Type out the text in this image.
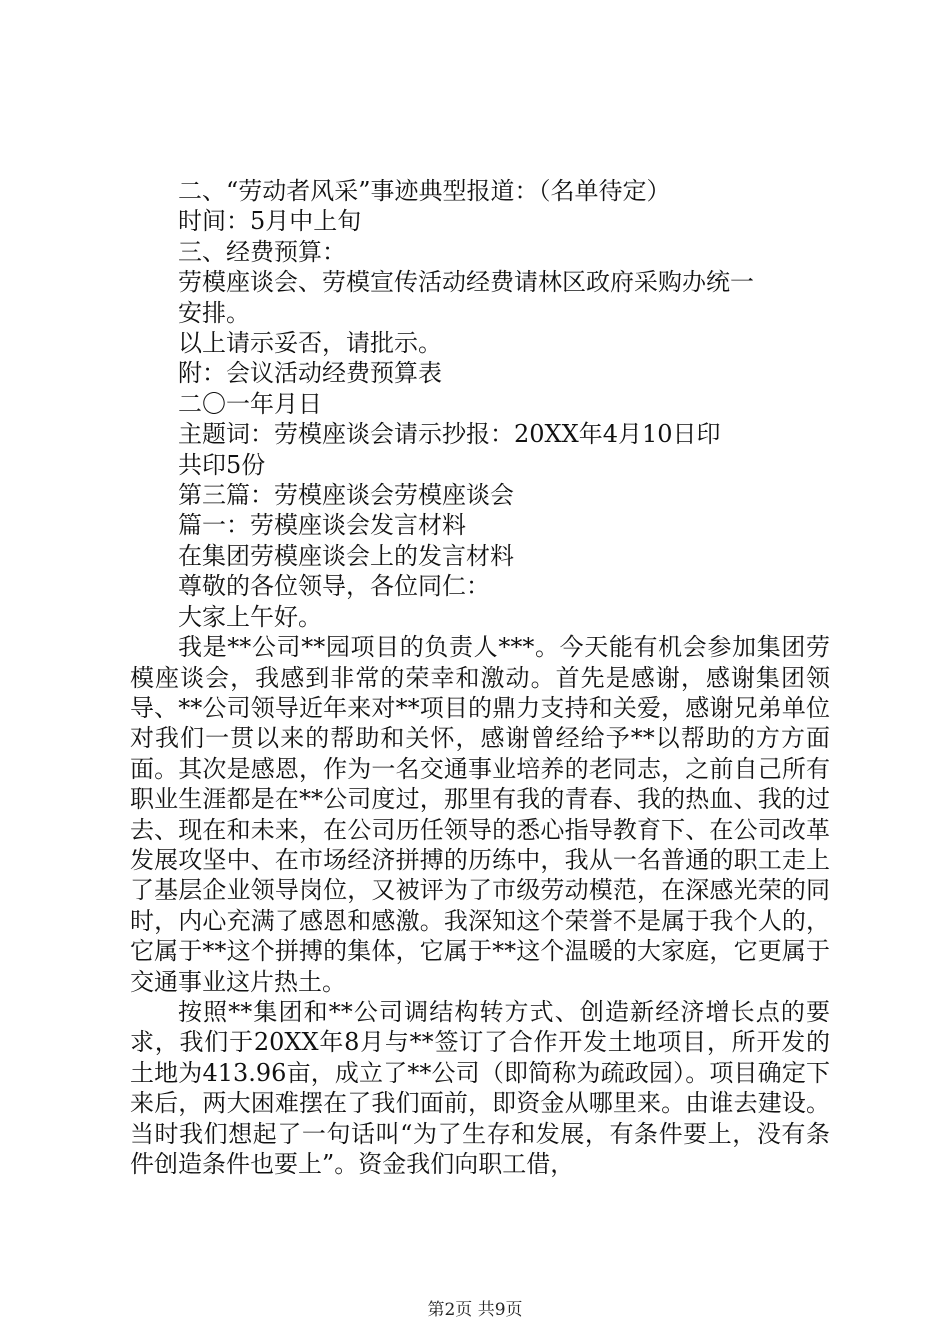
二、“劳动者风采”事迹典型报道：（名单待定）
时间：5月中上旬
三、经费预算：
劳模座谈会、劳模宣传活动经费请林区政府采购办统一
安排。
以上请示妥否，请批示。
附：会议活动经费预算表
二〇一年月日
主题词：劳模座谈会请示抄报：20XX年4月10日印
共印5份
第三篇：劳模座谈会劳模座谈会
篇一：劳模座谈会发言材料
在集团劳模座谈会上的发言材料
尊敬的各位领导，各位同仁：
大家上午好。
我是**公司**园项目的负责人***。今天能有机会参加集团劳模座谈会，我感到非常的荣幸和激动。首先是感谢，感谢集团领导、**公司领导近年来对**项目的鼎力支持和关爱，感谢兄弟单位对我们一贯以来的帮助和关怀，感谢曾经给予**以帮助的方方面面。其次是感恩，作为一名交通事业培养的老同志，之前自己所有职业生涯都是在**公司度过，那里有我的青春、我的热血、我的过去、现在和未来，在公司历任领导的悉心指导教育下、在公司改革发展攻坚中、在市场经济拼搏的历练中，我从一名普通的职工走上了基层企业领导岗位，又被评为了市级劳动模范，在深感光荣的同时，内心充满了感恩和感激。我深知这个荣誉不是属于我个人的，它属于**这个拼搏的集体，它属于**这个温暖的大家庭，它更属于交通事业这片热土。
按照**集团和**公司调结构转方式、创造新经济增长点的要求，我们于20XX年8月与**签订了合作开发土地项目，所开发的土地为413.96亩，成立了**公司（即简称为疏政园）。项目确定下来后，两大困难摆在了我们面前，即资金从哪里来。由谁去建设。当时我们想起了一句话叫“为了生存和发展，有条件要上，没有条件创造条件也要上”。资金我们向职工借，
第2页 共9页
